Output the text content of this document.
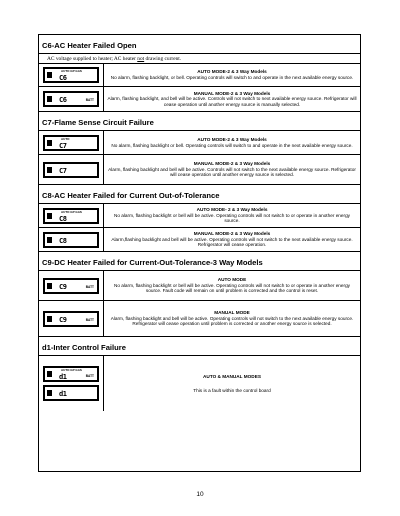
C6-AC Heater Failed Open
AC voltage supplied to heater; AC heater not drawing current.
AUTO GP GAS
C6
AUTO MODE-2 & 3 Way Models
No alarm, flashing backlight, or bell. Operating controls will switch to and operate in the next available energy source.
C6	BATT
MANUAL MODE-2 & 3 Way Models
Alarm, flashing backlight, and bell will be active. Controls will not switch to next available energy source. Refrigerator will cease operation until another energy source is manually selected.
C7-Flame Sense Circuit Failure
AUTO
C7
AUTO MODE-2 & 3 Way Models
No alarm, flashing backlight or bell. Operating controls will switch to and operate in the next available energy source.
C7
MANUAL MODE-2 & 3 Way Models
Alarm, flashing backlight and bell will be active. Controls will not switch to the next available energy source. Refrigerator will cease operation until another energy source is selected.
C8-AC Heater Failed for Current Out-of-Tolerance
AUTO GP GAS
C8
AUTO MODE- 2 & 3 Way Models
No alarm, flashing backlight or bell will be active. Operating controls will not switch to or operate in another energy source.
C8
MANUAL MODE-2 & 3 Way Models
Alarm,flashing backlight and bell will be active. Operating controls will not switch to the next available energy source. Refrigerator will cease operation.
C9-DC Heater Failed for Current-Out-Tolerance-3 Way Models
C9	BATT
AUTO MODE
No alarm, flashing backlight or bell will be active. Operating controls will not switch to or operate in another energy source. Fault code will remain on until problem is corrected and the control is reset.
C9	BATT
MANUAL MODE
Alarm, flashing backlight and bell will be active. Operating controls will not switch to the next available energy source. Refrigerator will cease operation until problem is corrected or another energy source is selected.
d1-Inter Control Failure
AUTO GP GAS
d1	BATT
d1
AUTO & MANUAL MODES
This is a fault within the control board
10
